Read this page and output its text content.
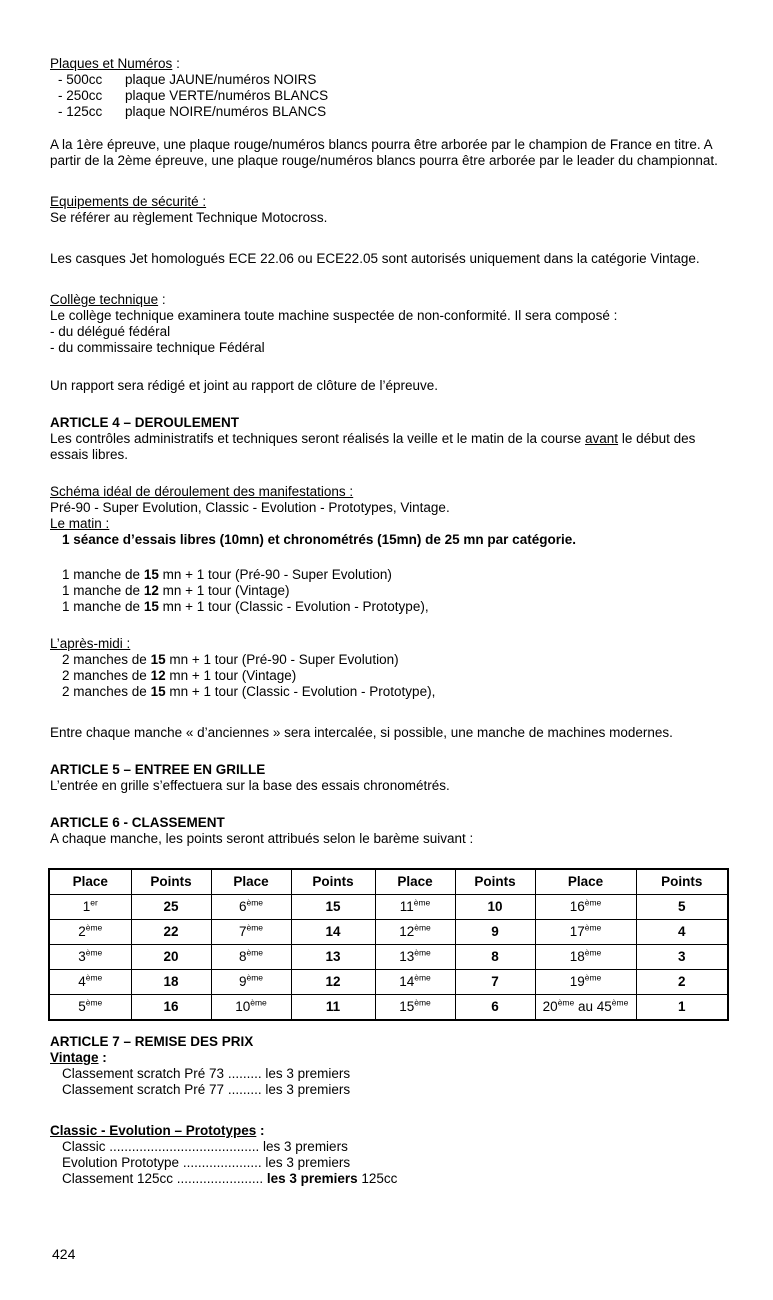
Plaques et Numéros :
- 500cc plaque JAUNE/numéros NOIRS
- 250cc plaque VERTE/numéros BLANCS
- 125cc plaque NOIRE/numéros BLANCS

A la 1ère épreuve, une plaque rouge/numéros blancs pourra être arborée par le champion de France en titre. A partir de la 2ème épreuve, une plaque rouge/numéros blancs pourra être arborée par le leader du championnat.

Equipements de sécurité :
Se référer au règlement Technique Motocross.

Les casques Jet homologués ECE 22.06 ou ECE22.05 sont autorisés uniquement dans la catégorie Vintage.

Collège technique :
Le collège technique examinera toute machine suspectée de non-conformité. Il sera composé :
- du délégué fédéral
- du commissaire technique Fédéral

Un rapport sera rédigé et joint au rapport de clôture de l’épreuve.

ARTICLE 4 – DEROULEMENT
Les contrôles administratifs et techniques seront réalisés la veille et le matin de la course avant le début des essais libres.
Schéma idéal de déroulement des manifestations :
Pré-90 - Super Evolution, Classic - Evolution - Prototypes, Vintage.
Le matin :
1 séance d’essais libres (10mn) et chronométrés (15mn) de 25 mn par catégorie.
1 manche de 15 mn + 1 tour (Pré-90 - Super Evolution)
1 manche de 12 mn + 1 tour (Vintage)
1 manche de 15 mn + 1 tour (Classic - Evolution - Prototype),
L’après-midi :
2 manches de 15 mn + 1 tour (Pré-90 - Super Evolution)
2 manches de 12 mn + 1 tour (Vintage)
2 manches de 15 mn + 1 tour (Classic - Evolution - Prototype),

Entre chaque manche « d’anciennes » sera intercalée, si possible, une manche de machines modernes.

ARTICLE 5 – ENTREE EN GRILLE
L’entrée en grille s’effectuera sur la base des essais chronométrés.
ARTICLE 6 - CLASSEMENT
A chaque manche, les points seront attribués selon le barème suivant :
Place	Points	Place	Points	Place	Points	Place	Points
1er	25	6ème	15	11ème	10	16ème	5
2ème	22	7ème	14	12ème	9	17ème	4
3ème	20	8ème	13	13ème	8	18ème	3
4ème	18	9ème	12	14ème	7	19ème	2
5ème	16	10ème	11	15ème	6	20ème au 45ème	1
ARTICLE 7 – REMISE DES PRIX
Vintage :
Classement scratch Pré 73 ......... les 3 premiers
Classement scratch Pré 77 ......... les 3 premiers
Classic - Evolution – Prototypes :
Classic ........................................ les 3 premiers
Evolution Prototype ..................... les 3 premiers
Classement 125cc ....................... les 3 premiers 125cc
424
